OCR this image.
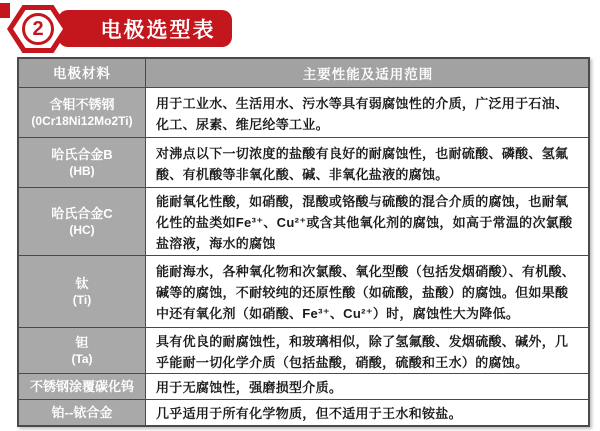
电极选型表
2
电极材料	主要性能及适用范围
含钼不锈钢
(0Cr18Ni12Mo2Ti)
用于工业水、生活用水、污水等具有弱腐蚀性的介质，广泛用于石油、化工、尿素、维尼纶等工业。
哈氏合金B
(HB)
对沸点以下一切浓度的盐酸有良好的耐腐蚀性，也耐硫酸、磷酸、氢氟酸、有机酸等非氧化酸、碱、非氧化盐液的腐蚀。
哈氏合金C
(HC)
能耐氧化性酸，如硝酸，混酸或铬酸与硫酸的混合介质的腐蚀，也耐氧化性的盐类如Fe³⁺、Cu²⁺或含其他氧化剂的腐蚀，如高于常温的次氯酸盐溶液，海水的腐蚀
钛
(Ti)
能耐海水，各种氧化物和次氯酸、氧化型酸（包括发烟硝酸）、有机酸、碱等的腐蚀，不耐较纯的还原性酸（如硫酸，盐酸）的腐蚀。但如果酸中还有氧化剂（如硝酸、Fe³⁺、Cu²⁺）时，腐蚀性大为降低。
钽
(Ta)
具有优良的耐腐蚀性，和玻璃相似，除了氢氟酸、发烟硫酸、碱外，几乎能耐一切化学介质（包括盐酸，硝酸，硫酸和王水）的腐蚀。
不锈钢涂覆碳化钨 用于无腐蚀性，强磨损型介质。
铂--铱合金	几乎适用于所有化学物质，但不适用于王水和铵盐。
